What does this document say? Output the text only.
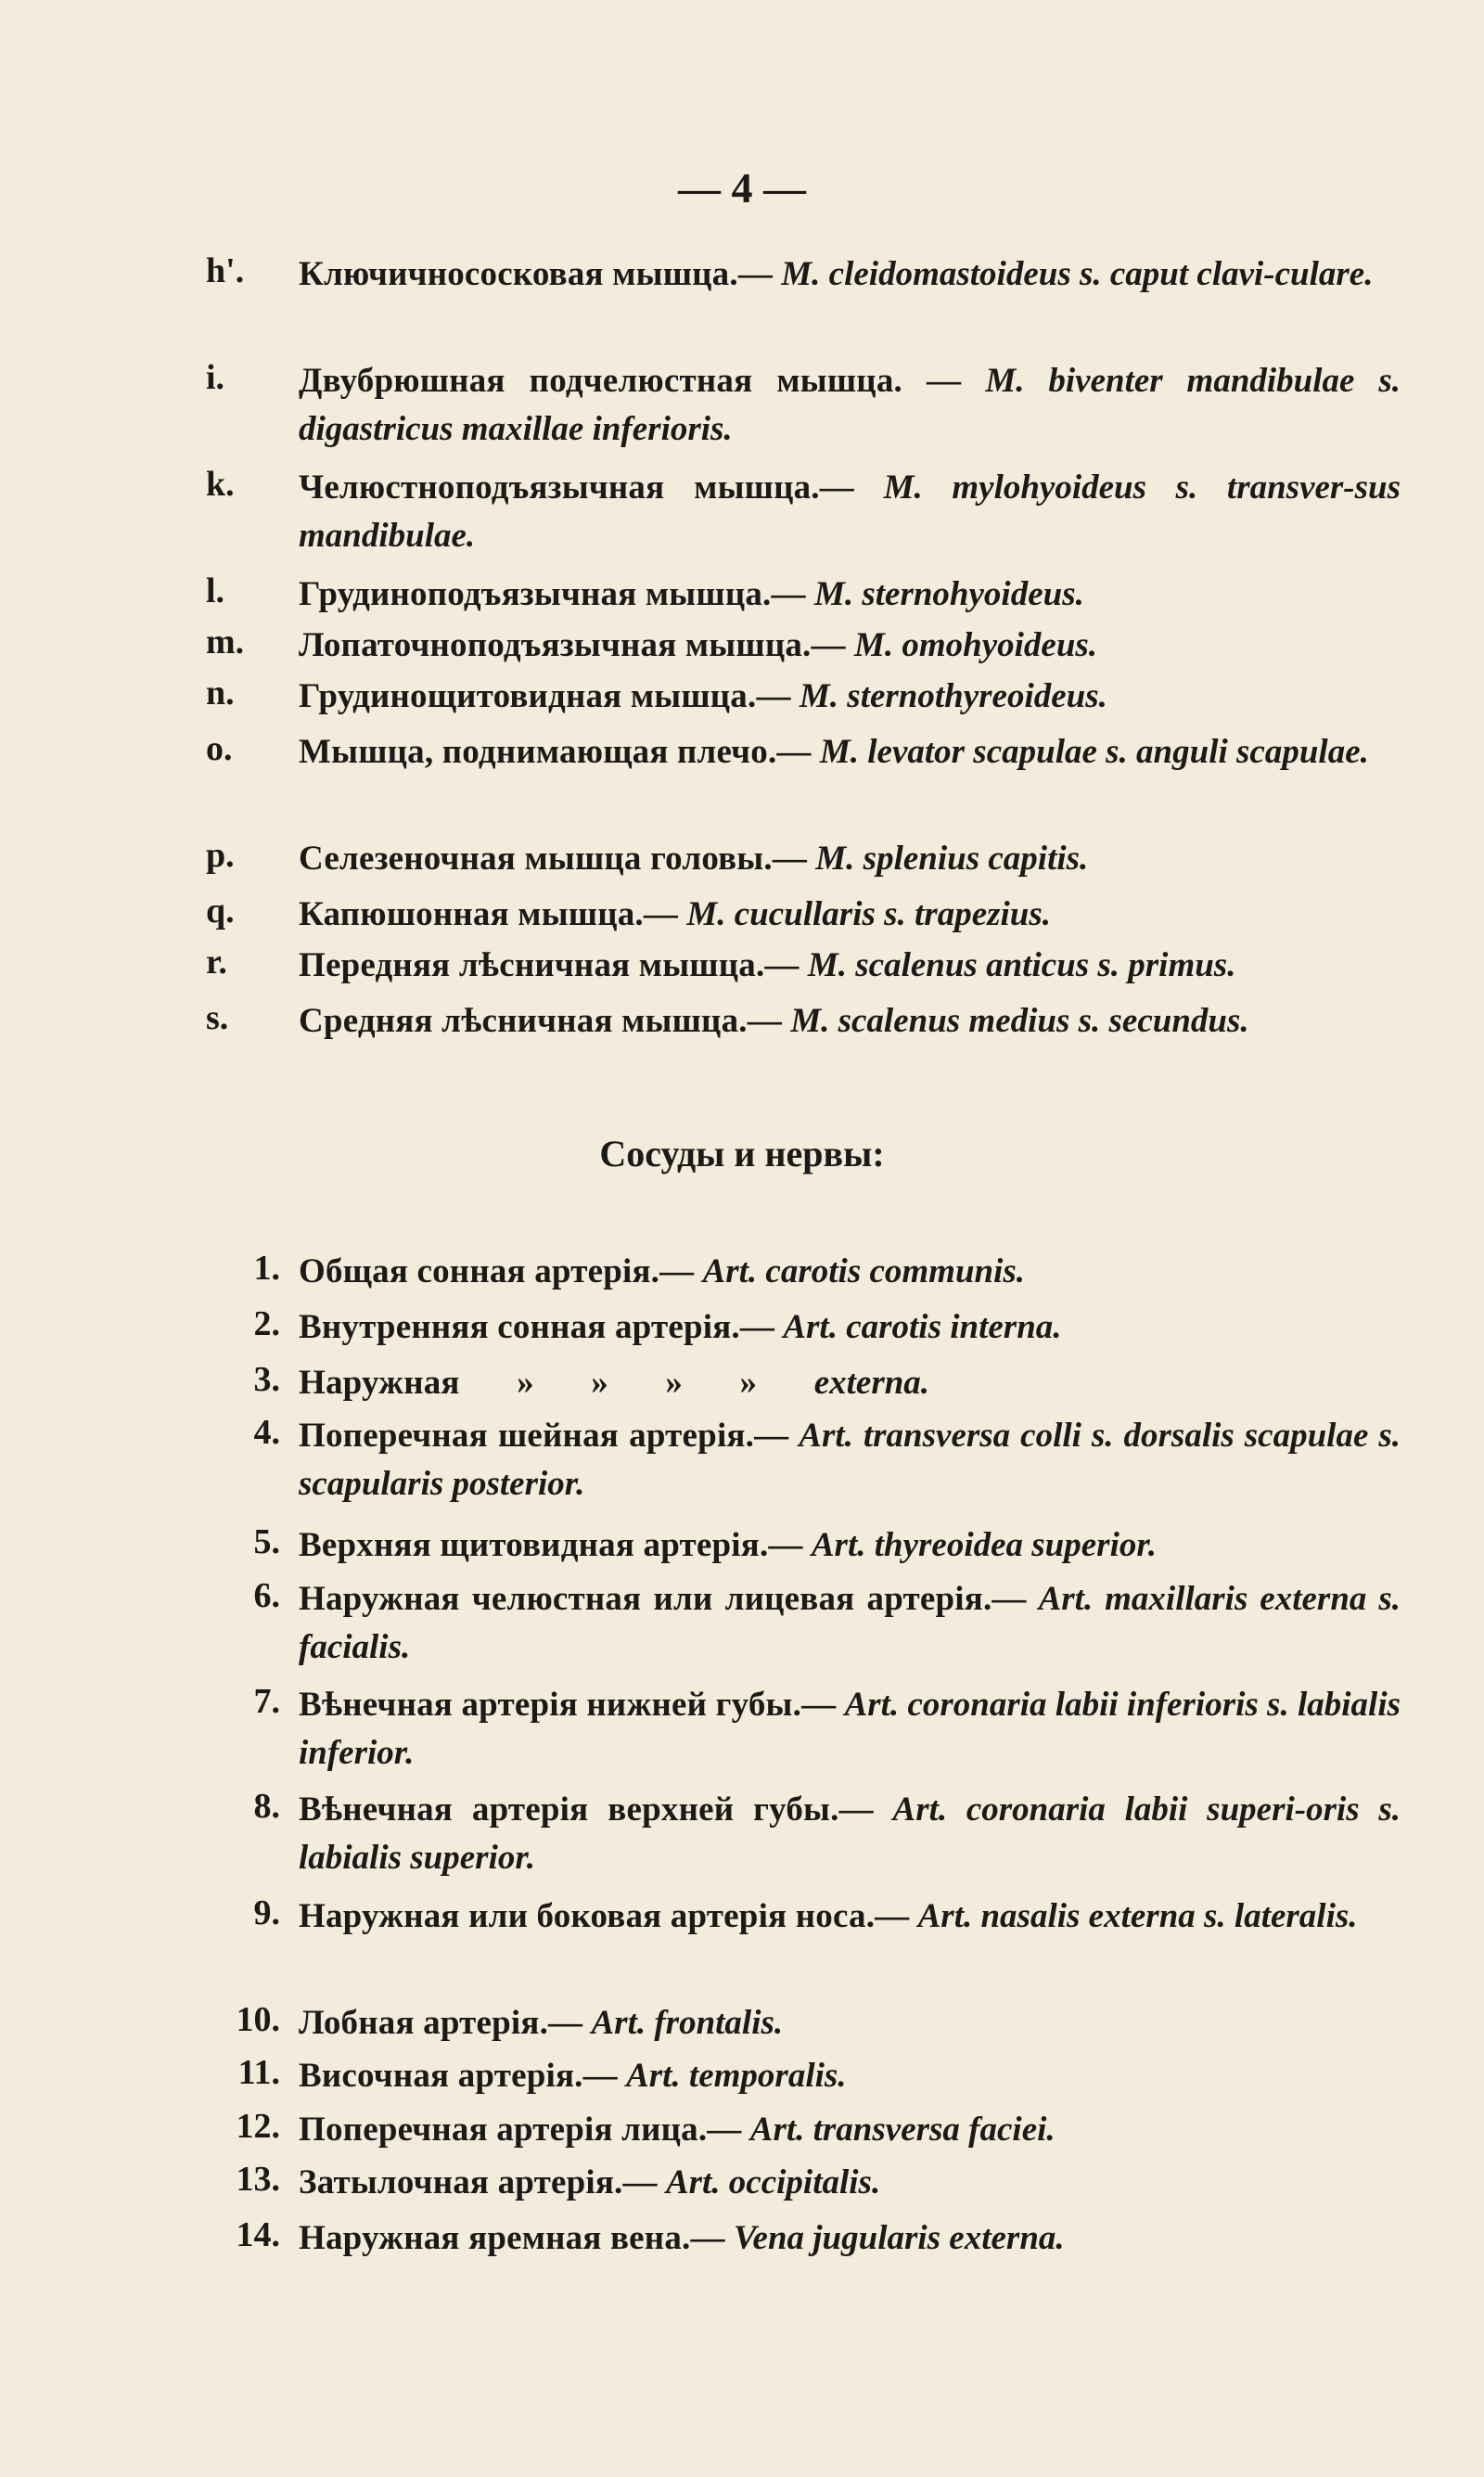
— 4 —
h'.	Ключичнососковая мышца.— M. cleidomastoideus s. caput clavi-culare.
i.	Двубрюшная подчелюстная мышца. — M. biventer mandibulae s. digastricus maxillae inferioris.
k.	Челюстноподъязычная мышца.— M. mylohyoideus s. transver-sus mandibulae.
l.	Грудиноподъязычная мышца.— M. sternohyoideus.
m.	Лопаточноподъязычная мышца.— M. omohyoideus.
n.	Грудинощитовидная мышца.— M. sternothyreoideus.
o.	Мышца, поднимающая плечо.— M. levator scapulae s. anguli scapulae.
p.	Селезеночная мышца головы.— M. splenius capitis.
q.	Капюшонная мышца.— M. cucullaris s. trapezius.
r.	Передняя лѣсничная мышца.— M. scalenus anticus s. primus.
s.	Средняя лѣсничная мышца.— M. scalenus medius s. secundus.
Сосуды и нервы:
1. Общая сонная артерія.— Art. carotis communis.
2. Внутренняя сонная артерія.— Art. carotis interna.
3. Наружная » » » » externa.
4. Поперечная шейная артерія.— Art. transversa colli s. dorsalis scapulae s. scapularis posterior.
5. Верхняя щитовидная артерія.— Art. thyreoidea superior.
6. Наружная челюстная или лицевая артерія.— Art. maxillaris externa s. facialis.
7. Вѣнечная артерія нижней губы.— Art. coronaria labii inferioris s. labialis inferior.
8. Вѣнечная артерія верхней губы.— Art. coronaria labii superi-oris s. labialis superior.
9. Наружная или боковая артерія носа.— Art. nasalis externa s. lateralis.
10. Лобная артерія.— Art. frontalis.
11. Височная артерія.— Art. temporalis.
12. Поперечная артерія лица.— Art. transversa faciei.
13. Затылочная артерія.— Art. occipitalis.
14. Наружная яремная вена.— Vena jugularis externa.
